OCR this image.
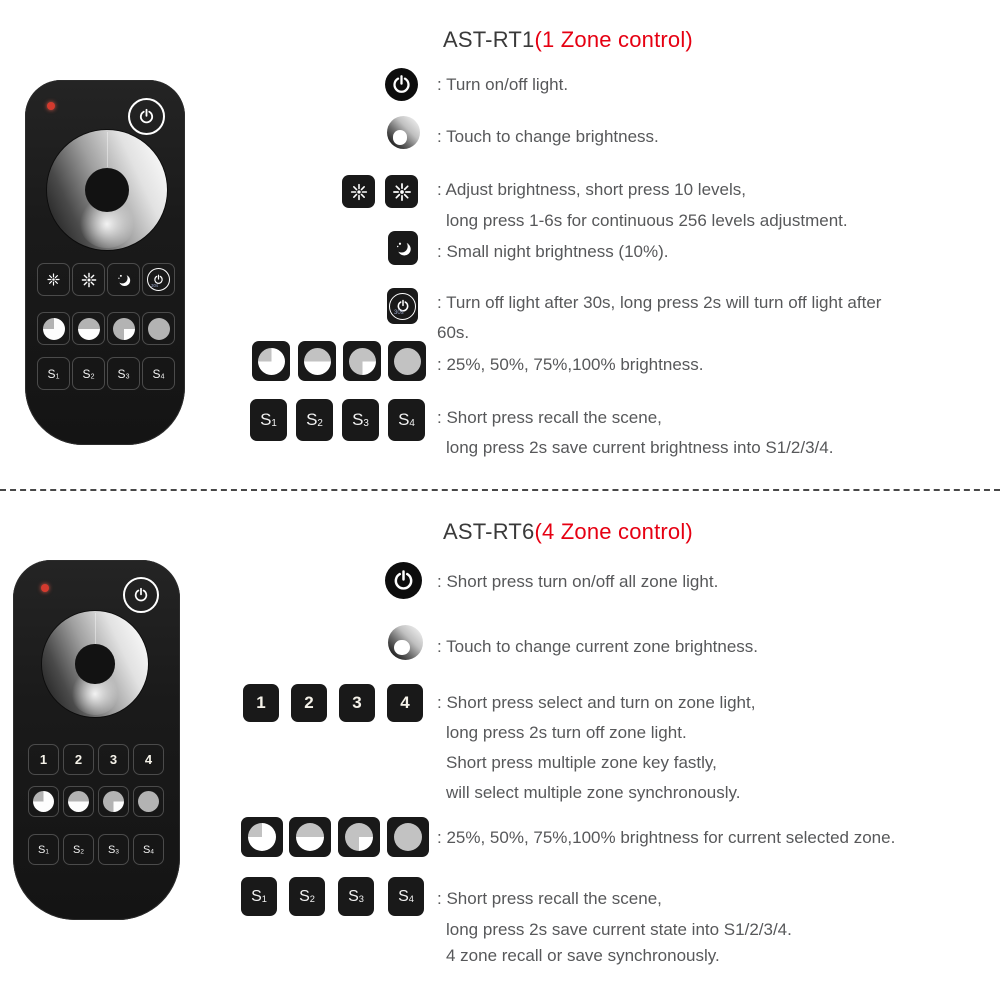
AST-RT1(1 Zone control)
30s
S1 S2 S3 S4
: Turn on/off light.
: Touch to change brightness.
: Adjust brightness, short press 10 levels,
long press 1-6s for continuous 256 levels adjustment.
: Small night brightness (10%).
30s
: Turn off light after 30s, long press 2s will turn off light after
60s.
: 25%, 50%, 75%,100% brightness.
S1 S2 S3 S4 : Short press recall the scene,
long press 2s save current brightness into S1/2/3/4.
AST-RT6(4 Zone control)
1 2 3 4
S1 S2 S3 S4
: Short press turn on/off all zone light.
: Touch to change current zone brightness.
1 2 3 4 : Short press select and turn on zone light,
long press 2s turn off zone light.
Short press multiple zone key fastly,
will select multiple zone synchronously.
: 25%, 50%, 75%,100% brightness for current selected zone.
S1 S2 S3 S4 : Short press recall the scene,
long press 2s save current state into S1/2/3/4.
4 zone recall or save synchronously.
